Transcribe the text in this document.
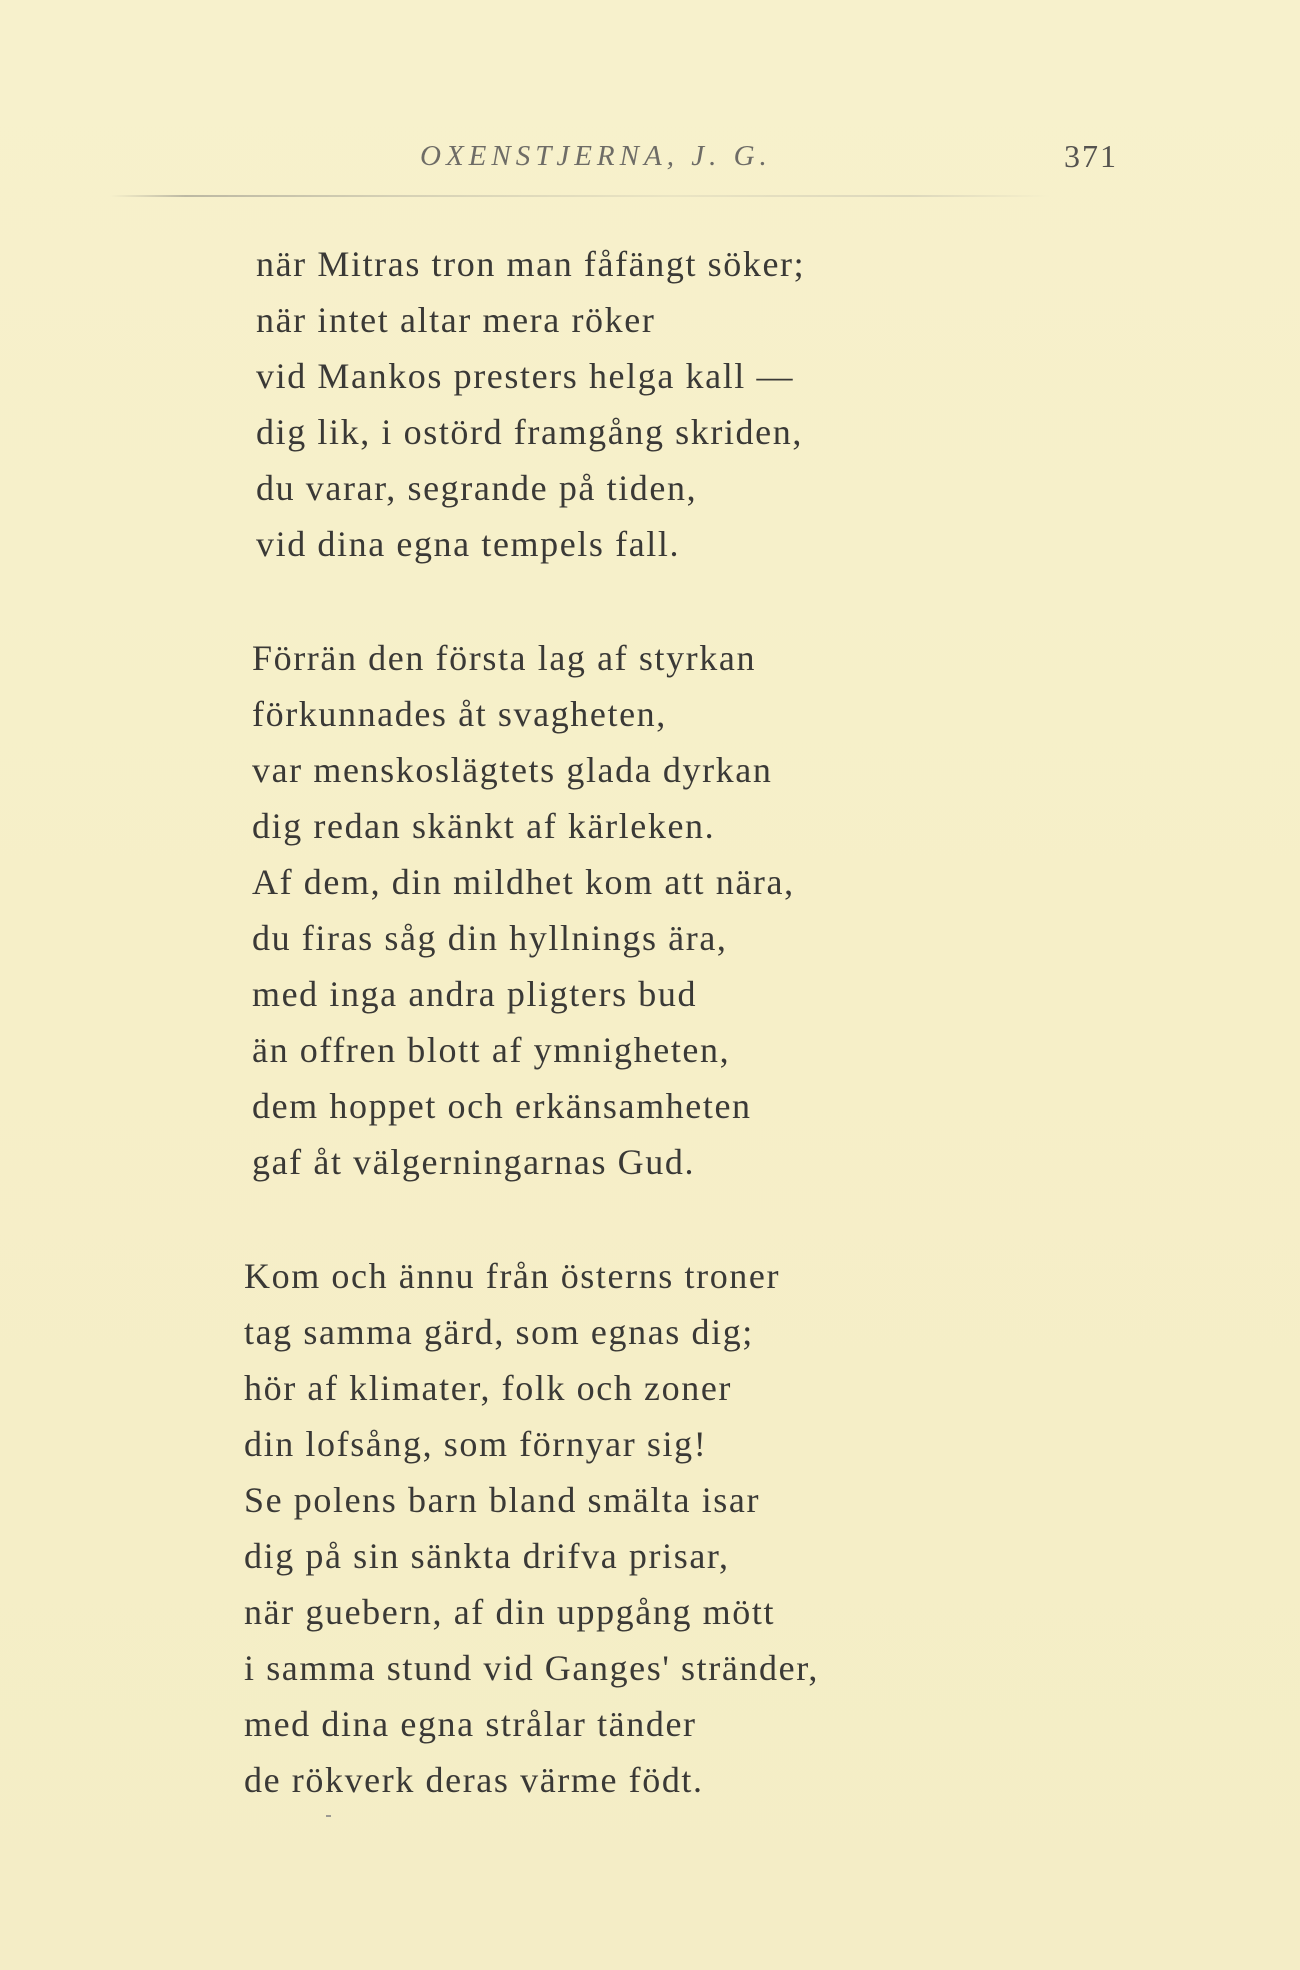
OXENSTJERNA, J. G.	371
när Mitras tron man fåfängt söker;
när intet altar mera röker
vid Mankos presters helga kall —
dig lik, i ostörd framgång skriden,
du varar, segrande på tiden,
vid dina egna tempels fall.
Förrän den första lag af styrkan
förkunnades åt svagheten,
var menskoslägtets glada dyrkan
dig redan skänkt af kärleken.
Af dem, din mildhet kom att nära,
du firas såg din hyllnings ära,
med inga andra pligters bud
än offren blott af ymnigheten,
dem hoppet och erkänsamheten
gaf åt välgerningarnas Gud.
Kom och ännu från österns troner
tag samma gärd, som egnas dig;
hör af klimater, folk och zoner
din lofsång, som förnyar sig!
Se polens barn bland smälta isar
dig på sin sänkta drifva prisar,
när guebern, af din uppgång mött
i samma stund vid Ganges' stränder,
med dina egna strålar tänder
de rökverk deras värme födt.
